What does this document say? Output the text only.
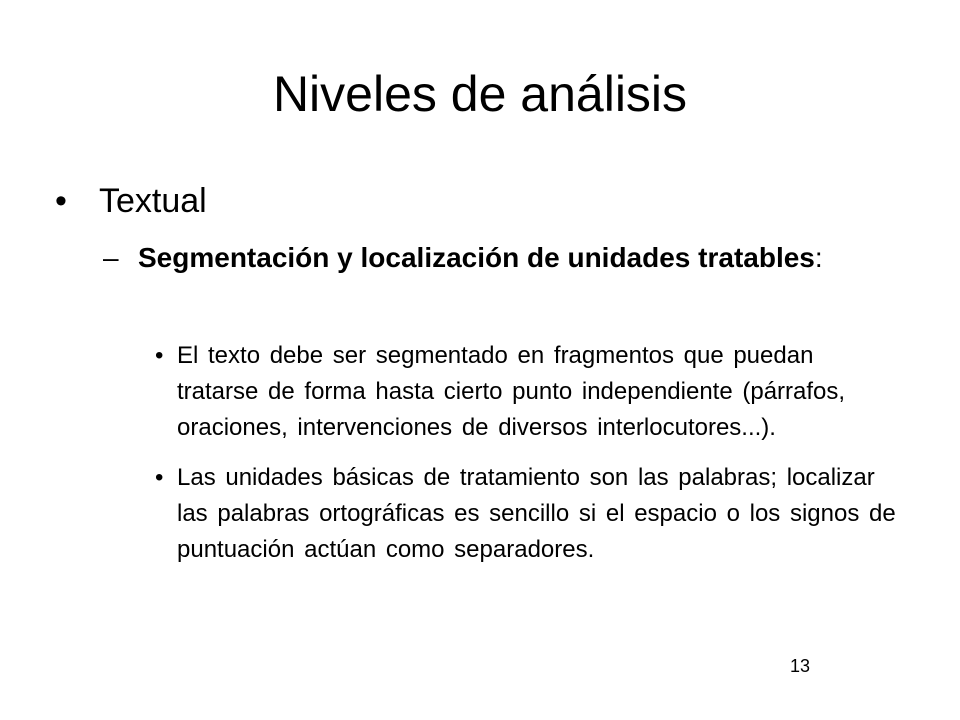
Niveles de análisis
• Textual
– Segmentación y localización de unidades tratables:
• El texto debe ser segmentado en fragmentos que puedan tratarse de forma hasta cierto punto independiente (párrafos, oraciones, intervenciones de diversos interlocutores...).
• Las unidades básicas de tratamiento son las palabras; localizar las palabras ortográficas es sencillo si el espacio o los signos de puntuación actúan como separadores.
13
